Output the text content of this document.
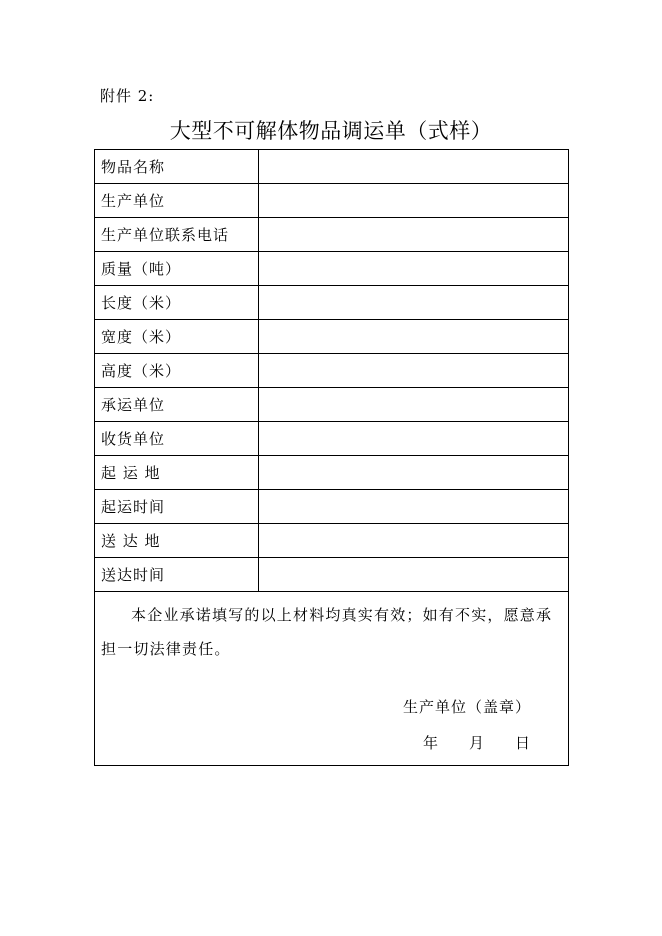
附件 2:
大型不可解体物品调运单（式样）
物品名称	
生产单位	
生产单位联系电话	
质量（吨）	
长度（米）	
宽度（米）	
高度（米）	
承运单位	
收货单位	
起 运 地	
起运时间	
送 达 地	
送达时间	

本企业承诺填写的以上材料均真实有效；如有不实，愿意承担一切法律责任。
生产单位（盖章）
年 月 日	
